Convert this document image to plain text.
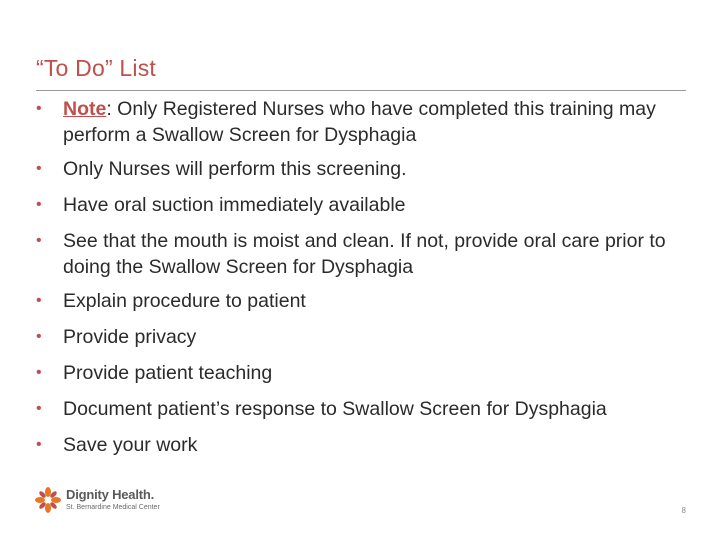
“To Do” List
• Note: Only Registered Nurses who have completed this training may perform a Swallow Screen for Dysphagia
• Only Nurses will perform this screening.
• Have oral suction immediately available
• See that the mouth is moist and clean. If not, provide oral care prior to doing the Swallow Screen for Dysphagia
• Explain procedure to patient
• Provide privacy
• Provide patient teaching
• Document patient’s response to Swallow Screen for Dysphagia
• Save your work
Dignity Health.
St. Bernardine Medical Center	8
